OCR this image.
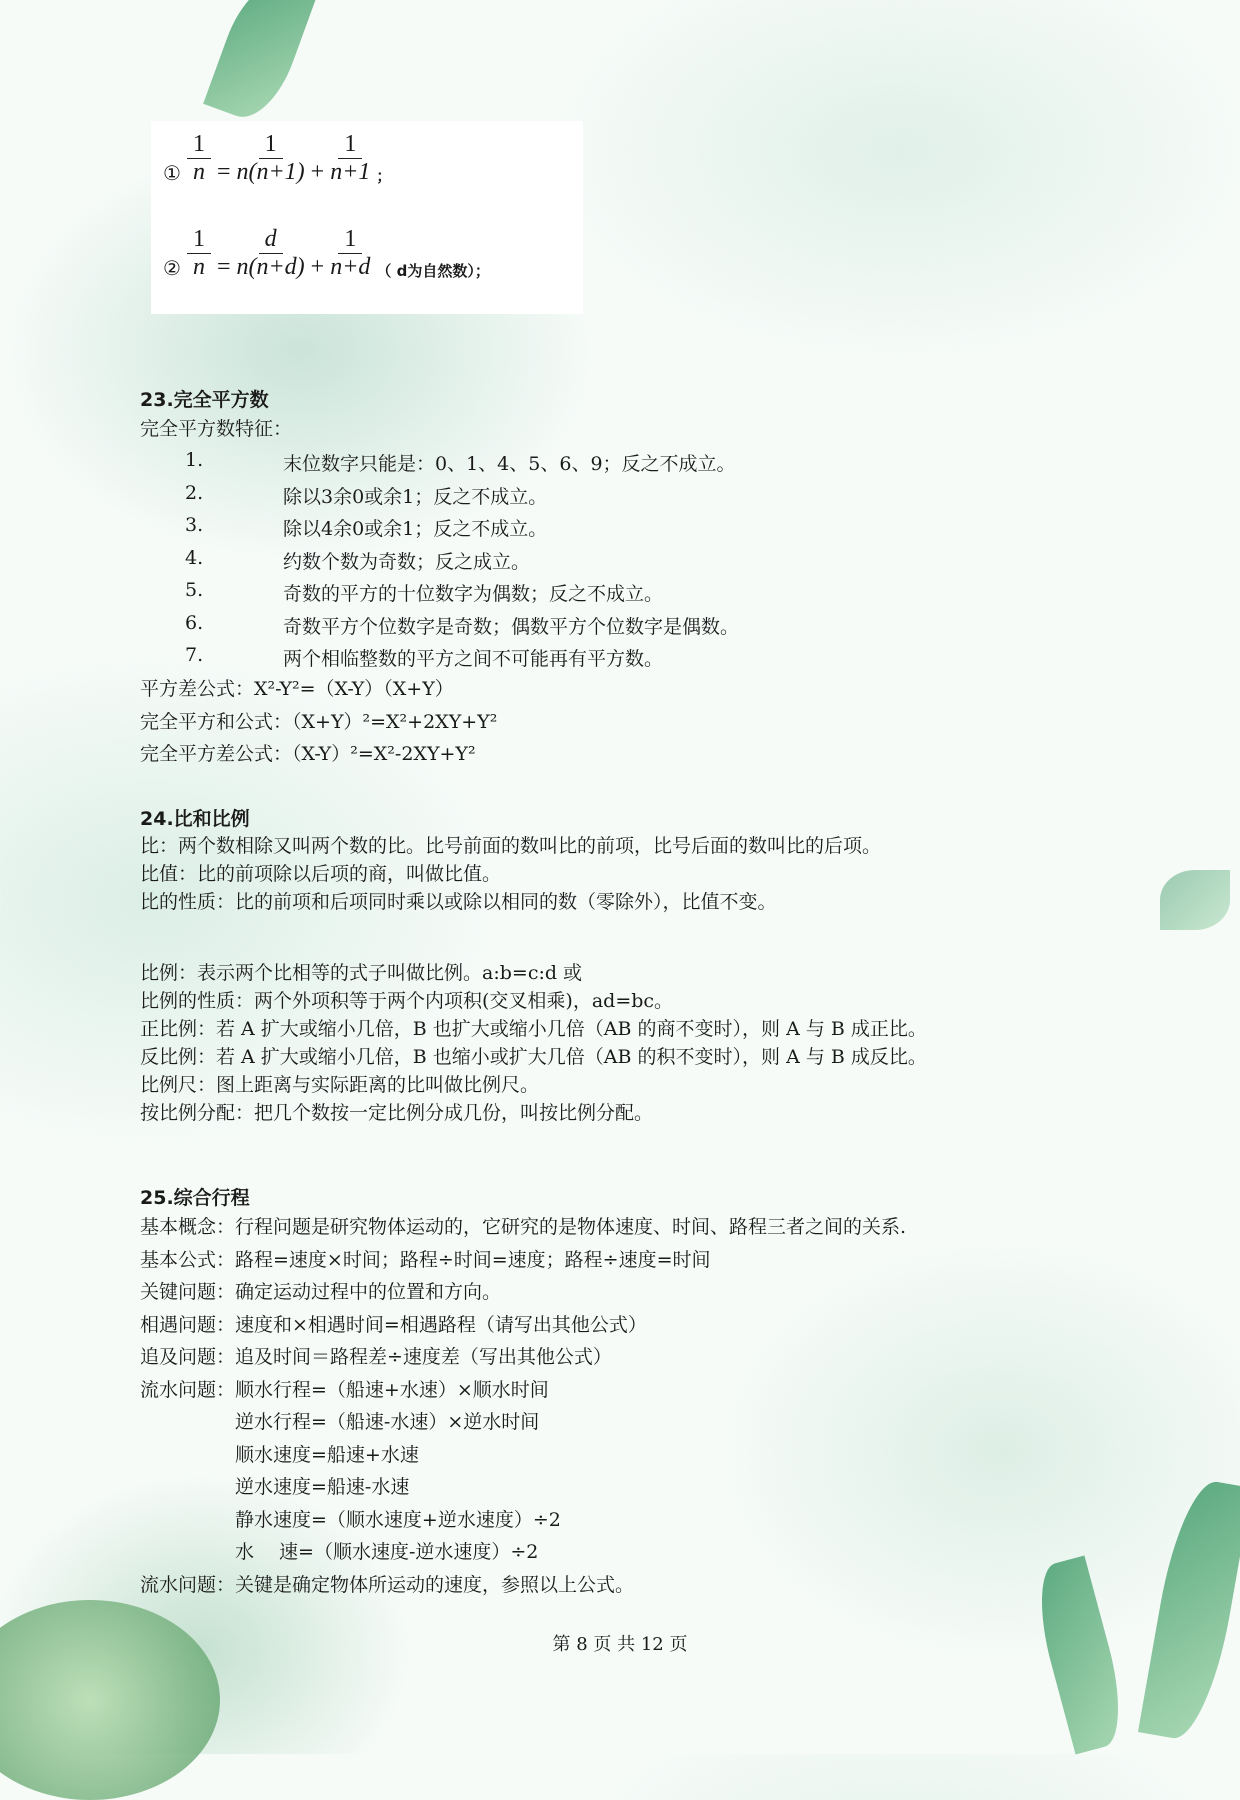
① $\frac{1}{n} = \frac{1}{n(n+1)} + \frac{1}{n+1}$ ；
② $\frac{1}{n} = \frac{d}{n(n+d)} + \frac{1}{n+d}$ （ d为自然数）；
23.完全平方数
完全平方数特征：
1.	末位数字只能是：0、1、4、5、6、9；反之不成立。
2.	除以3余0或余1；反之不成立。
3.	除以4余0或余1；反之不成立。
4.	约数个数为奇数；反之成立。
5.	奇数的平方的十位数字为偶数；反之不成立。
6.	奇数平方个位数字是奇数；偶数平方个位数字是偶数。
7.	两个相临整数的平方之间不可能再有平方数。
平方差公式：X²-Y²=（X-Y）（X+Y）
完全平方和公式：（X+Y）²=X²+2XY+Y²
完全平方差公式：（X-Y）²=X²-2XY+Y²
24.比和比例
比：两个数相除又叫两个数的比。比号前面的数叫比的前项，比号后面的数叫比的后项。
比值：比的前项除以后项的商，叫做比值。
比的性质：比的前项和后项同时乘以或除以相同的数（零除外），比值不变。
比例：表示两个比相等的式子叫做比例。a:b=c:d 或
比例的性质：两个外项积等于两个内项积(交叉相乘)，ad=bc。
正比例：若 A 扩大或缩小几倍，B 也扩大或缩小几倍（AB 的商不变时），则 A 与 B 成正比。
反比例：若 A 扩大或缩小几倍，B 也缩小或扩大几倍（AB 的积不变时），则 A 与 B 成反比。
比例尺：图上距离与实际距离的比叫做比例尺。
按比例分配：把几个数按一定比例分成几份，叫按比例分配。
25.综合行程
基本概念：行程问题是研究物体运动的，它研究的是物体速度、时间、路程三者之间的关系.
基本公式：路程=速度×时间；路程÷时间=速度；路程÷速度=时间
关键问题：确定运动过程中的位置和方向。
相遇问题：速度和×相遇时间=相遇路程（请写出其他公式）
追及问题：追及时间＝路程差÷速度差（写出其他公式）
流水问题：顺水行程=（船速+水速）×顺水时间
　　　　　逆水行程=（船速-水速）×逆水时间
　　　　　顺水速度=船速+水速
　　　　　逆水速度=船速-水速
　　　　　静水速度=（顺水速度+逆水速度）÷2
　　　　　水　 速=（顺水速度-逆水速度）÷2
流水问题：关键是确定物体所运动的速度，参照以上公式。
第 8 页 共 12 页
